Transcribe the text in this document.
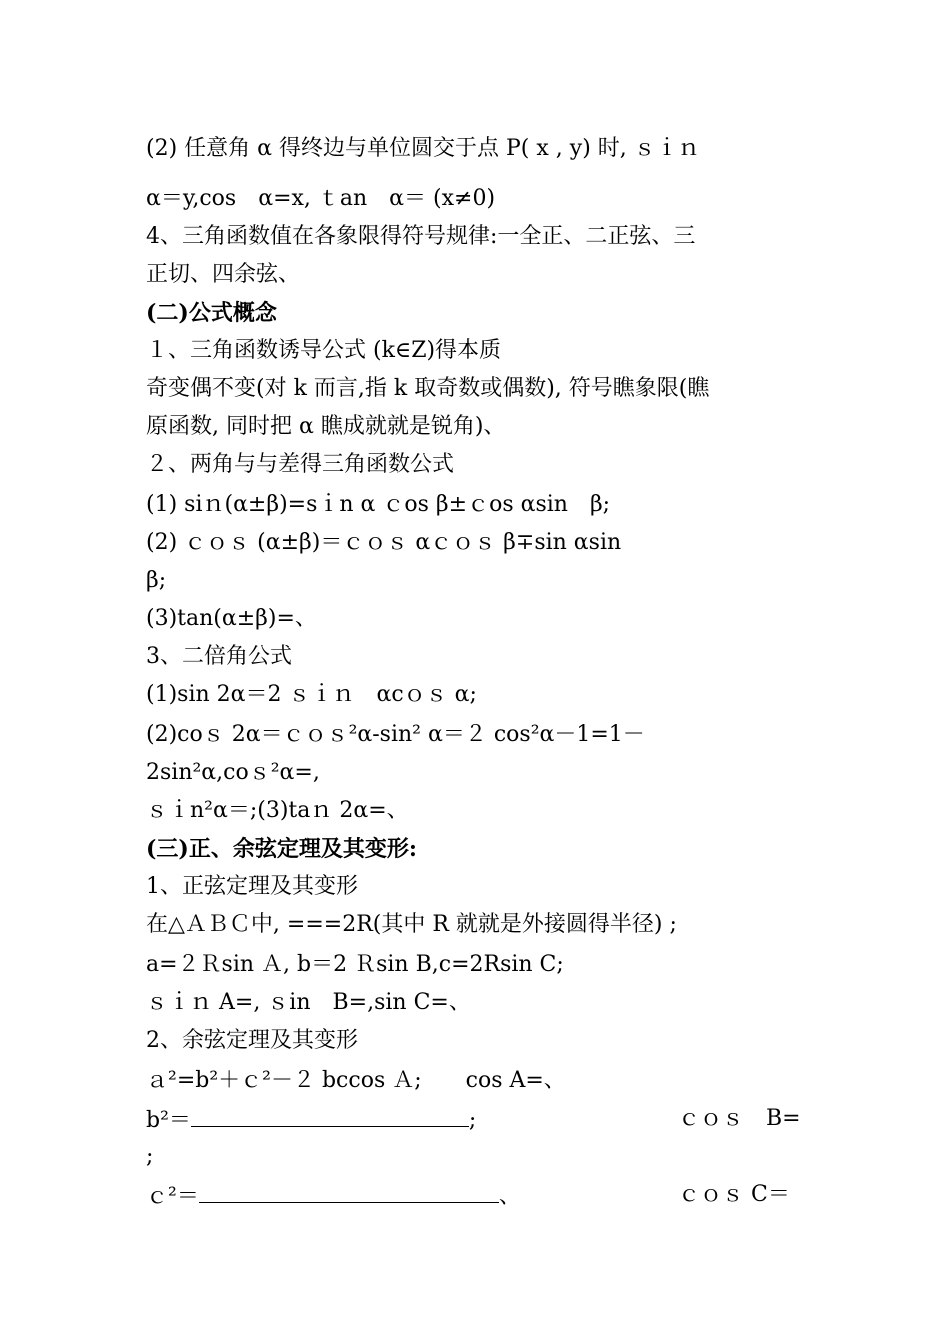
(2) 任意角 α 得终边与单位圆交于点 P( x , y) 时, ｓｉｎ
α＝y,cos　α=x, ｔan　α＝ (x≠0)
4、三角函数值在各象限得符号规律:一全正、二正弦、三
正切、四余弦、
(二)公式概念
１、三角函数诱导公式 (k∈Z)得本质
奇变偶不变(对 k 而言,指 k 取奇数或偶数), 符号瞧象限(瞧
原函数, 同时把 α 瞧成就就是锐角)、
２、两角与与差得三角函数公式
(1) siｎ(α±β)=sｉn α ｃos β±ｃos αsin　β;
(2) ｃｏｓ (α±β)＝ｃｏｓ αｃｏｓ β∓sin αsin
β;
(3)tan(α±β)=、
3、二倍角公式
(1)sin 2α＝2 ｓｉｎ　αcｏｓ α;
(2)coｓ 2α＝ｃｏｓ²α-sin² α＝２ cos²α－1=1－
2sin²α,coｓ²α=,
ｓｉn²α＝;(3)taｎ 2α=、
(三)正、余弦定理及其变形:
1、正弦定理及其变形
在△ＡＢＣ中, ===2R(其中 R 就就是外接圆得半径) ;
a=２Ｒsin Ａ, b＝2 Ｒsin B,c=2Rsin C;
ｓｉｎ A=, ｓin　B=,sin C=、
2、余弦定理及其变形
ａ²=b²＋ｃ²－２ bccos Ａ;　　cos A=、
b²＝	;	ｃｏｓ　B=
;
ｃ²＝	、	ｃｏｓ C＝
